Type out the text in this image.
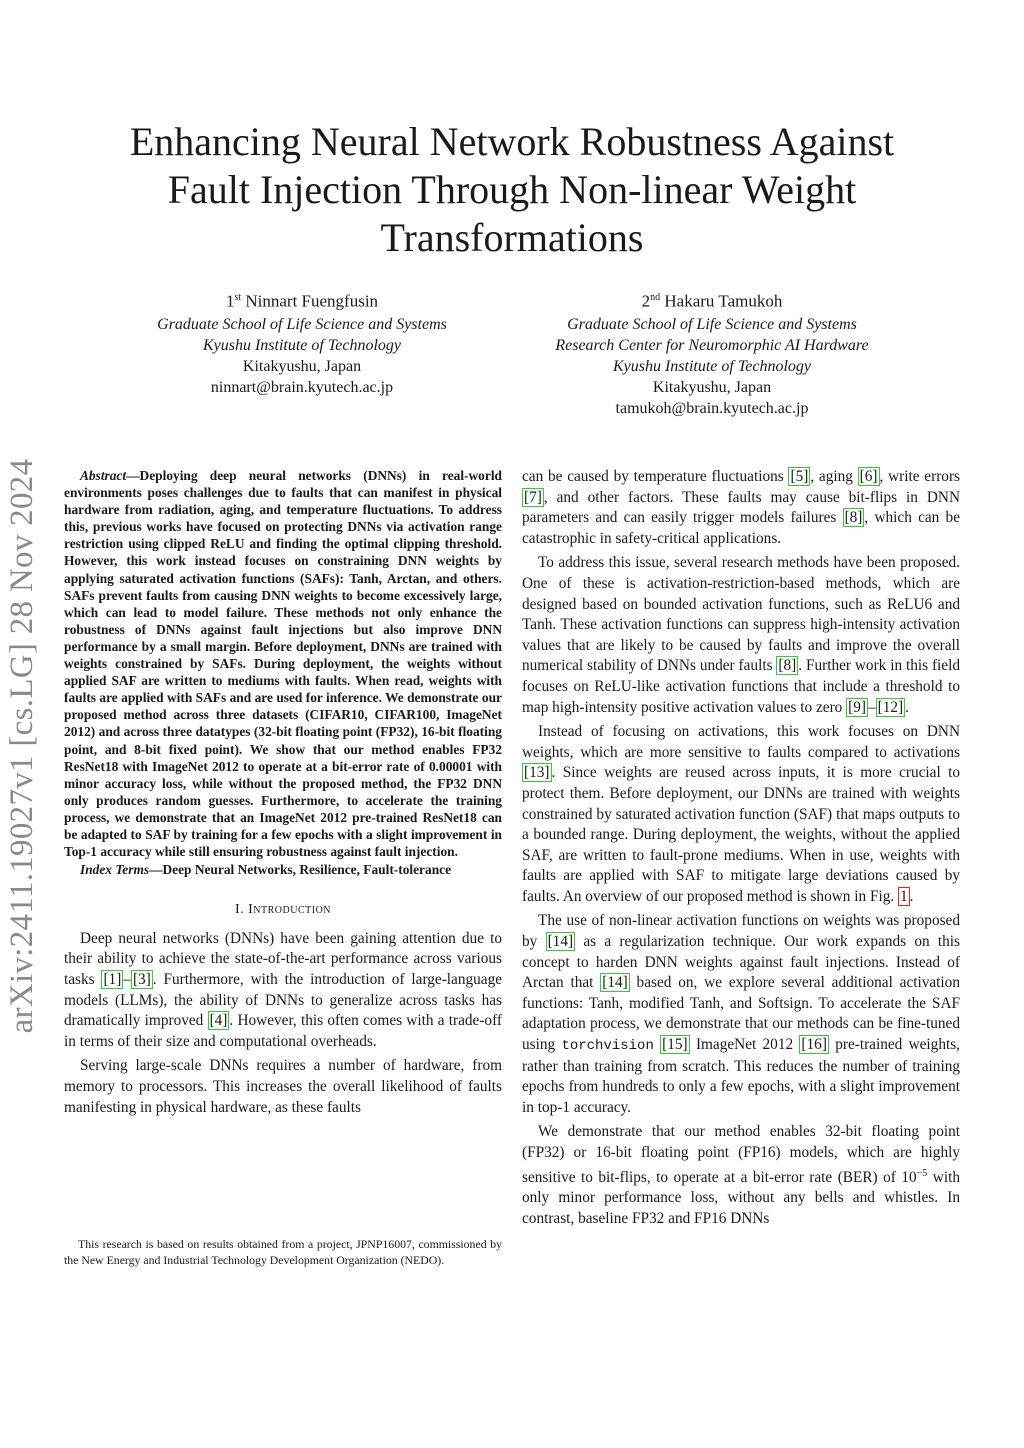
Enhancing Neural Network Robustness Against Fault Injection Through Non-linear Weight Transformations
1st Ninnart Fuengfusin
Graduate School of Life Science and Systems
Kyushu Institute of Technology
Kitakyushu, Japan
ninnart@brain.kyutech.ac.jp
2nd Hakaru Tamukoh
Graduate School of Life Science and Systems
Research Center for Neuromorphic AI Hardware
Kyushu Institute of Technology
Kitakyushu, Japan
tamukoh@brain.kyutech.ac.jp
arXiv:2411.19027v1 [cs.LG] 28 Nov 2024	Abstract—Deploying deep neural networks (DNNs) in real-world environments poses challenges due to faults that can manifest in physical hardware from radiation, aging, and temperature fluctuations. To address this, previous works have focused on protecting DNNs via activation range restriction using clipped ReLU and finding the optimal clipping threshold. However, this work instead focuses on constraining DNN weights by applying saturated activation functions (SAFs): Tanh, Arctan, and others. SAFs prevent faults from causing DNN weights to become excessively large, which can lead to model failure. These methods not only enhance the robustness of DNNs against fault injections but also improve DNN performance by a small margin. Before deployment, DNNs are trained with weights constrained by SAFs. During deployment, the weights without applied SAF are written to mediums with faults. When read, weights with faults are applied with SAFs and are used for inference. We demonstrate our proposed method across three datasets (CIFAR10, CIFAR100, ImageNet 2012) and across three datatypes (32-bit floating point (FP32), 16-bit floating point, and 8-bit fixed point). We show that our method enables FP32 ResNet18 with ImageNet 2012 to operate at a bit-error rate of 0.00001 with minor accuracy loss, while without the proposed method, the FP32 DNN only produces random guesses. Furthermore, to accelerate the training process, we demonstrate that an ImageNet 2012 pre-trained ResNet18 can be adapted to SAF by training for a few epochs with a slight improvement in Top-1 accuracy while still ensuring robustness against fault injection.

Index Terms—Deep Neural Networks, Resilience, Fault-tolerance

I. Introduction

Deep neural networks (DNNs) have been gaining attention due to their ability to achieve the state-of-the-art performance across various tasks [1] – [3] . Furthermore, with the introduction of large-language models (LLMs), the ability of DNNs to generalize across tasks has dramatically improved [4] . However, this often comes with a trade-off in terms of their size and computational overheads.

Serving large-scale DNNs requires a number of hardware, from memory to processors. This increases the overall likelihood of faults manifesting in physical hardware, as these faults

This research is based on results obtained from a project, JPNP16007, commissioned by the New Energy and Industrial Technology Development Organization (NEDO).

can be caused by temperature fluctuations [5] , aging [6] , write errors [7] , and other factors. These faults may cause bit-flips in DNN parameters and can easily trigger models failures [8] , which can be catastrophic in safety-critical applications.

To address this issue, several research methods have been proposed. One of these is activation-restriction-based methods, which are designed based on bounded activation functions, such as ReLU6 and Tanh. These activation functions can suppress high-intensity activation values that are likely to be caused by faults and improve the overall numerical stability of DNNs under faults [8] . Further work in this field focuses on ReLU-like activation functions that include a threshold to map high-intensity positive activation values to zero [9] – [12] .

Instead of focusing on activations, this work focuses on DNN weights, which are more sensitive to faults compared to activations [13] . Since weights are reused across inputs, it is more crucial to protect them. Before deployment, our DNNs are trained with weights constrained by saturated activation function (SAF) that maps outputs to a bounded range. During deployment, the weights, without the applied SAF, are written to fault-prone mediums. When in use, weights with faults are applied with SAF to mitigate large deviations caused by faults. An overview of our proposed method is shown in Fig. 1 .

The use of non-linear activation functions on weights was proposed by [14] as a regularization technique. Our work expands on this concept to harden DNN weights against fault injections. Instead of Arctan that [14] based on, we explore several additional activation functions: Tanh, modified Tanh, and Softsign. To accelerate the SAF adaptation process, we demonstrate that our methods can be fine-tuned using torchvision [15] ImageNet 2012 [16] pre-trained weights, rather than training from scratch. This reduces the number of training epochs from hundreds to only a few epochs, with a slight improvement in top-1 accuracy.

We demonstrate that our method enables 32-bit floating point (FP32) or 16-bit floating point (FP16) models, which are highly sensitive to bit-flips, to operate at a bit-error rate (BER) of $10^{-5}$ with only minor performance loss, without any bells and whistles. In contrast, baseline FP32 and FP16 DNNs
